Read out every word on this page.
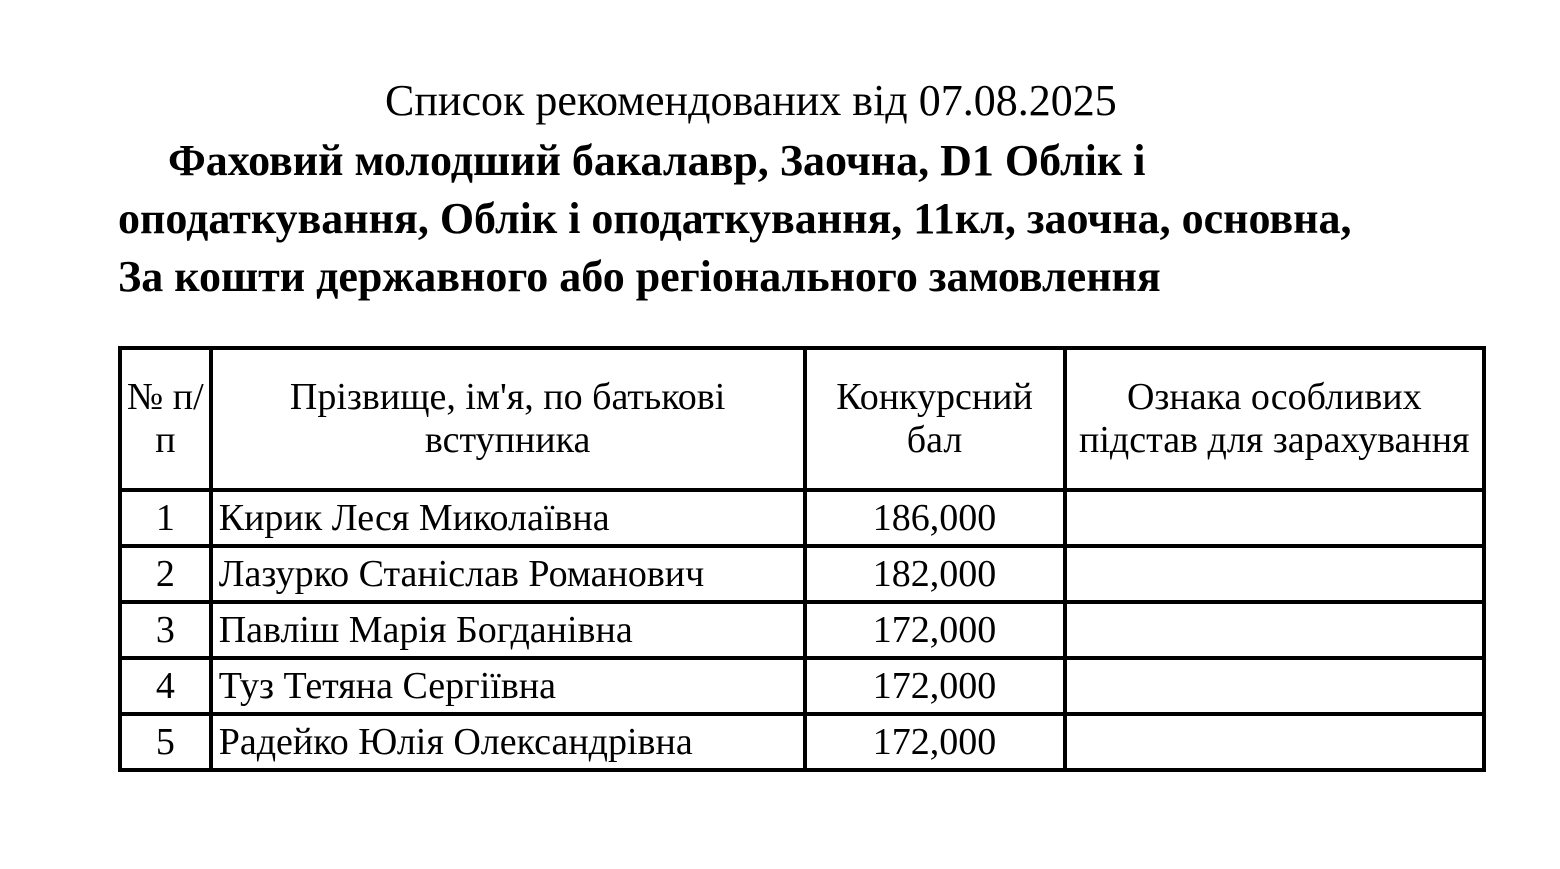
Список рекомендованих від 07.08.2025

Фаховий молодший бакалавр, Заочна, D1 Облік і оподаткування, Облік і оподаткування, 11кл, заочна, основна, За кошти державного або регіонального замовлення

№ п/п	Прізвище, ім'я, по батькові вступника	Конкурсний бал	Ознака особливих підстав для зарахування
1	Кирик Леся Миколаївна	186,000	
2	Лазурко Станіслав Романович	182,000	
3	Павліш Марія Богданівна	172,000	
4	Туз Тетяна Сергіївна	172,000	
5	Радейко Юлія Олександрівна	172,000	
